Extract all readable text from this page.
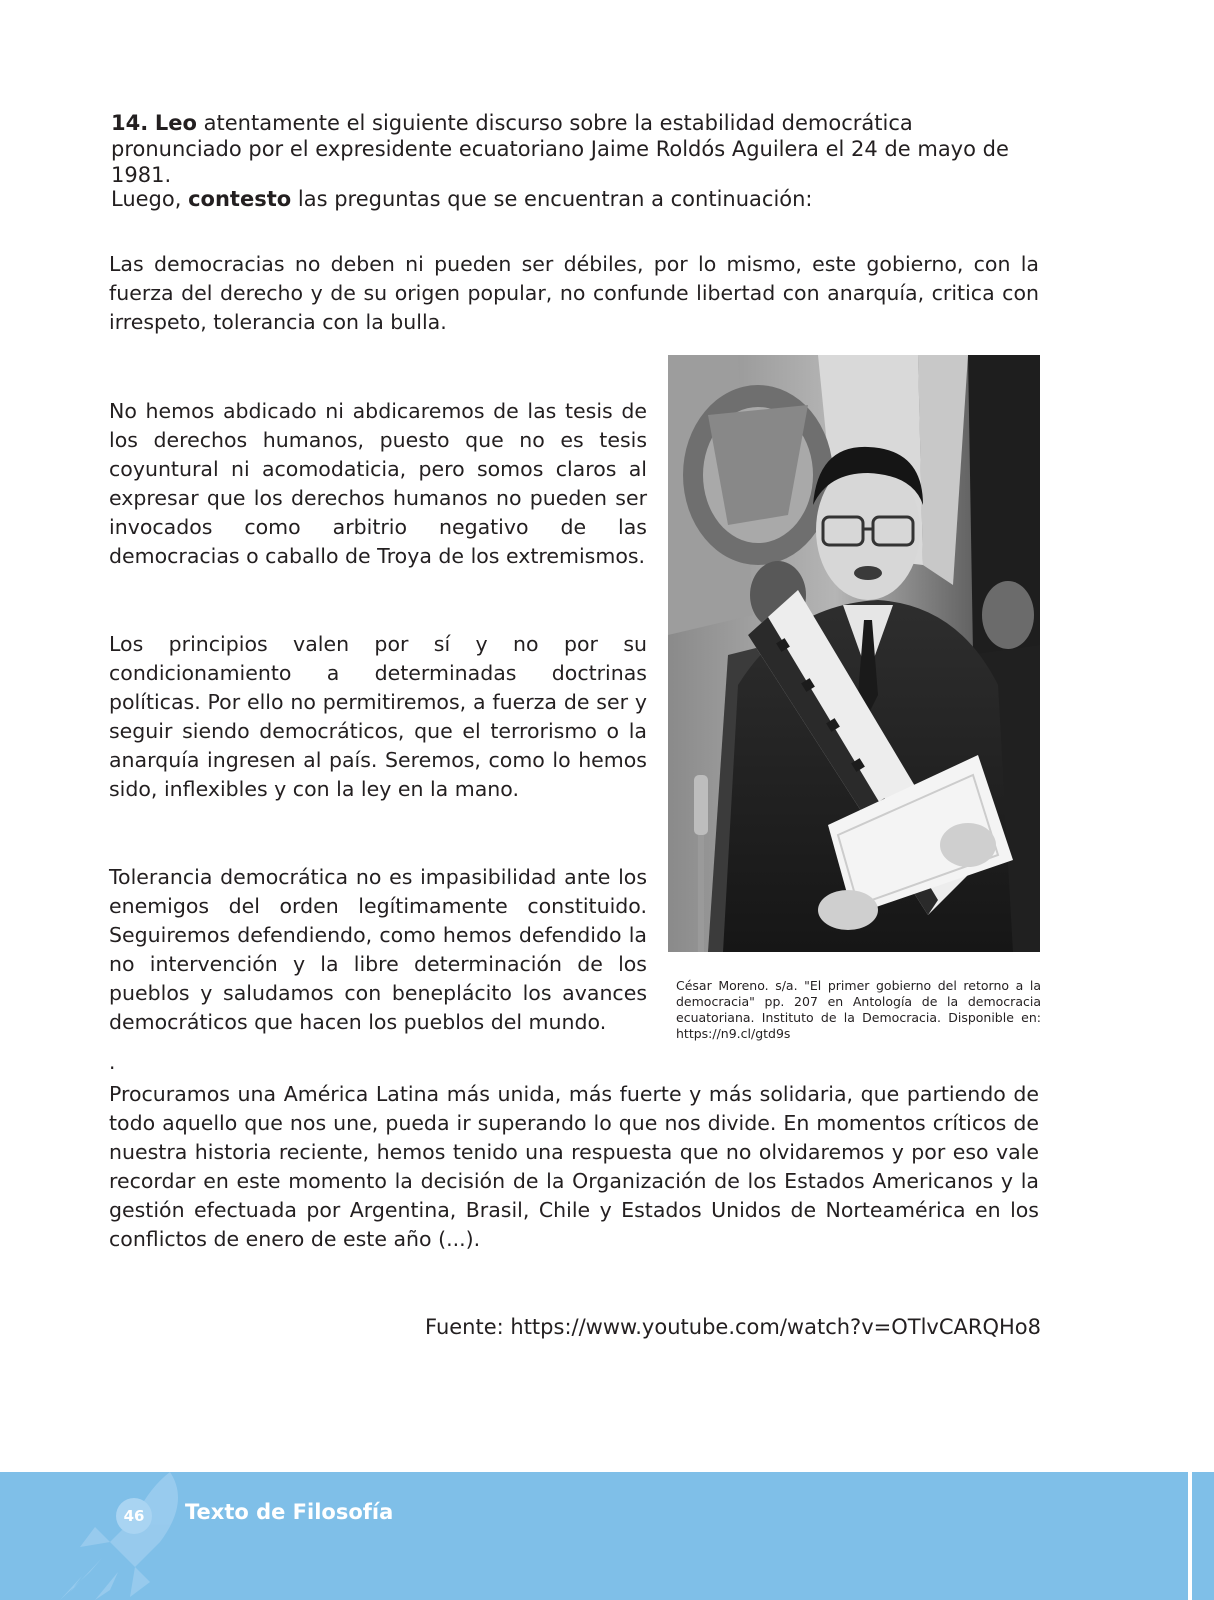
14. Leo atentamente el siguiente discurso sobre la estabilidad democrática pronunciado por el expresidente ecuatoriano Jaime Roldós Aguilera el 24 de mayo de 1981.
Luego, contesto las preguntas que se encuentran a continuación:
Las democracias no deben ni pueden ser débiles, por lo mismo, este gobierno, con la fuerza del derecho y de su origen popular, no confunde libertad con anarquía, critica con irrespeto, tolerancia con la bulla.
No hemos abdicado ni abdicaremos de las tesis de los derechos humanos, puesto que no es tesis coyuntural ni acomodaticia, pero somos claros al expresar que los derechos humanos no pueden ser invocados como arbitrio negativo de las democracias o caballo de Troya de los extremismos.
Los principios valen por sí y no por su condicionamiento a determinadas doctrinas políticas. Por ello no permitiremos, a fuerza de ser y seguir siendo democráticos, que el terrorismo o la anarquía ingresen al país. Seremos, como lo hemos sido, inflexibles y con la ley en la mano.
Tolerancia democrática no es impasibilidad ante los enemigos del orden legítimamente constituido. Seguiremos defendiendo, como hemos defendido la no intervención y la libre determinación de los pueblos y saludamos con beneplácito los avances democráticos que hacen los pueblos del mundo.
.
Procuramos una América Latina más unida, más fuerte y más solidaria, que partiendo de todo aquello que nos une, pueda ir superando lo que nos divide. En momentos críticos de nuestra historia reciente, hemos tenido una respuesta que no olvidaremos y por eso vale recordar en este momento la decisión de la Organización de los Estados Americanos y la gestión efectuada por Argentina, Brasil, Chile y Estados Unidos de Norteamérica en los conflictos de enero de este año (...).
César Moreno. s/a. "El primer gobierno del retorno a la democracia" pp. 207 en Antología de la democracia ecuatoriana. Instituto de la Democracia. Disponible en: https://n9.cl/gtd9s
Fuente: https://www.youtube.com/watch?v=OTlvCARQHo8
46	Texto de Filosofía
